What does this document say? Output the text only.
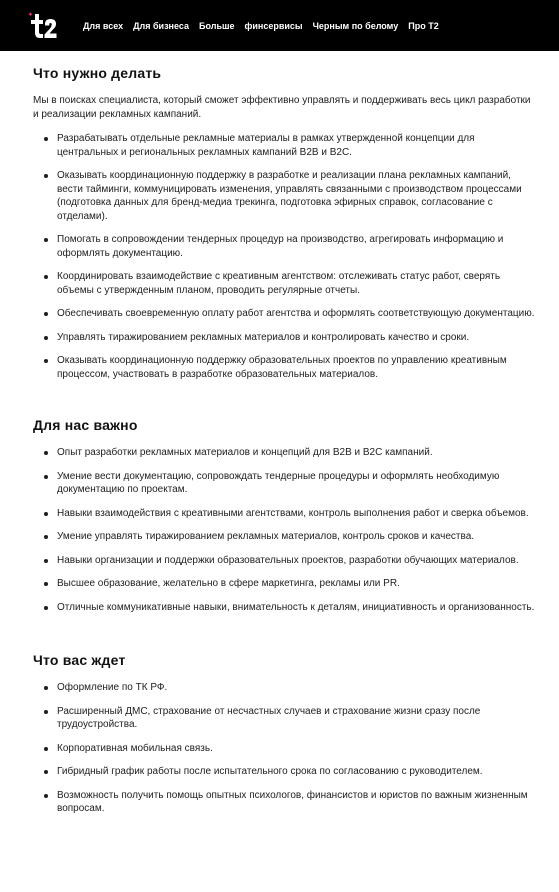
Для всех Для бизнеса Больше финсервисы Черным по белому Про Т2
Что нужно делать

Мы в поисках специалиста, который сможет эффективно управлять и поддерживать весь цикл разработки и реализации рекламных кампаний.

Разрабатывать отдельные рекламные материалы в рамках утвержденной концепции для центральных и региональных рекламных кампаний B2B и B2C.
Оказывать координационную поддержку в разработке и реализации плана рекламных кампаний, вести тайминги, коммуницировать изменения, управлять связанными с производством процессами (подготовка данных для бренд-медиа трекинга, подготовка эфирных справок, согласование с отделами).
Помогать в сопровождении тендерных процедур на производство, агрегировать информацию и оформлять документацию.
Координировать взаимодействие с креативным агентством: отслеживать статус работ, сверять объемы с утвержденным планом, проводить регулярные отчеты.
Обеспечивать своевременную оплату работ агентства и оформлять соответствующую документацию.
Управлять тиражированием рекламных материалов и контролировать качество и сроки.
Оказывать координационную поддержку образовательных проектов по управлению креативным процессом, участвовать в разработке образовательных материалов.
Для нас важно
Опыт разработки рекламных материалов и концепций для B2B и B2C кампаний.
Умение вести документацию, сопровождать тендерные процедуры и оформлять необходимую документацию по проектам.
Навыки взаимодействия с креативными агентствами, контроль выполнения работ и сверка объемов.
Умение управлять тиражированием рекламных материалов, контроль сроков и качества.
Навыки организации и поддержки образовательных проектов, разработки обучающих материалов.
Высшее образование, желательно в сфере маркетинга, рекламы или PR.
Отличные коммуникативные навыки, внимательность к деталям, инициативность и организованность.
Что вас ждет
Оформление по ТК РФ.
Расширенный ДМС, страхование от несчастных случаев и страхование жизни сразу после трудоустройства.
Корпоративная мобильная связь.
Гибридный график работы после испытательного срока по согласованию с руководителем.
Возможность получить помощь опытных психологов, финансистов и юристов по важным жизненным вопросам.
